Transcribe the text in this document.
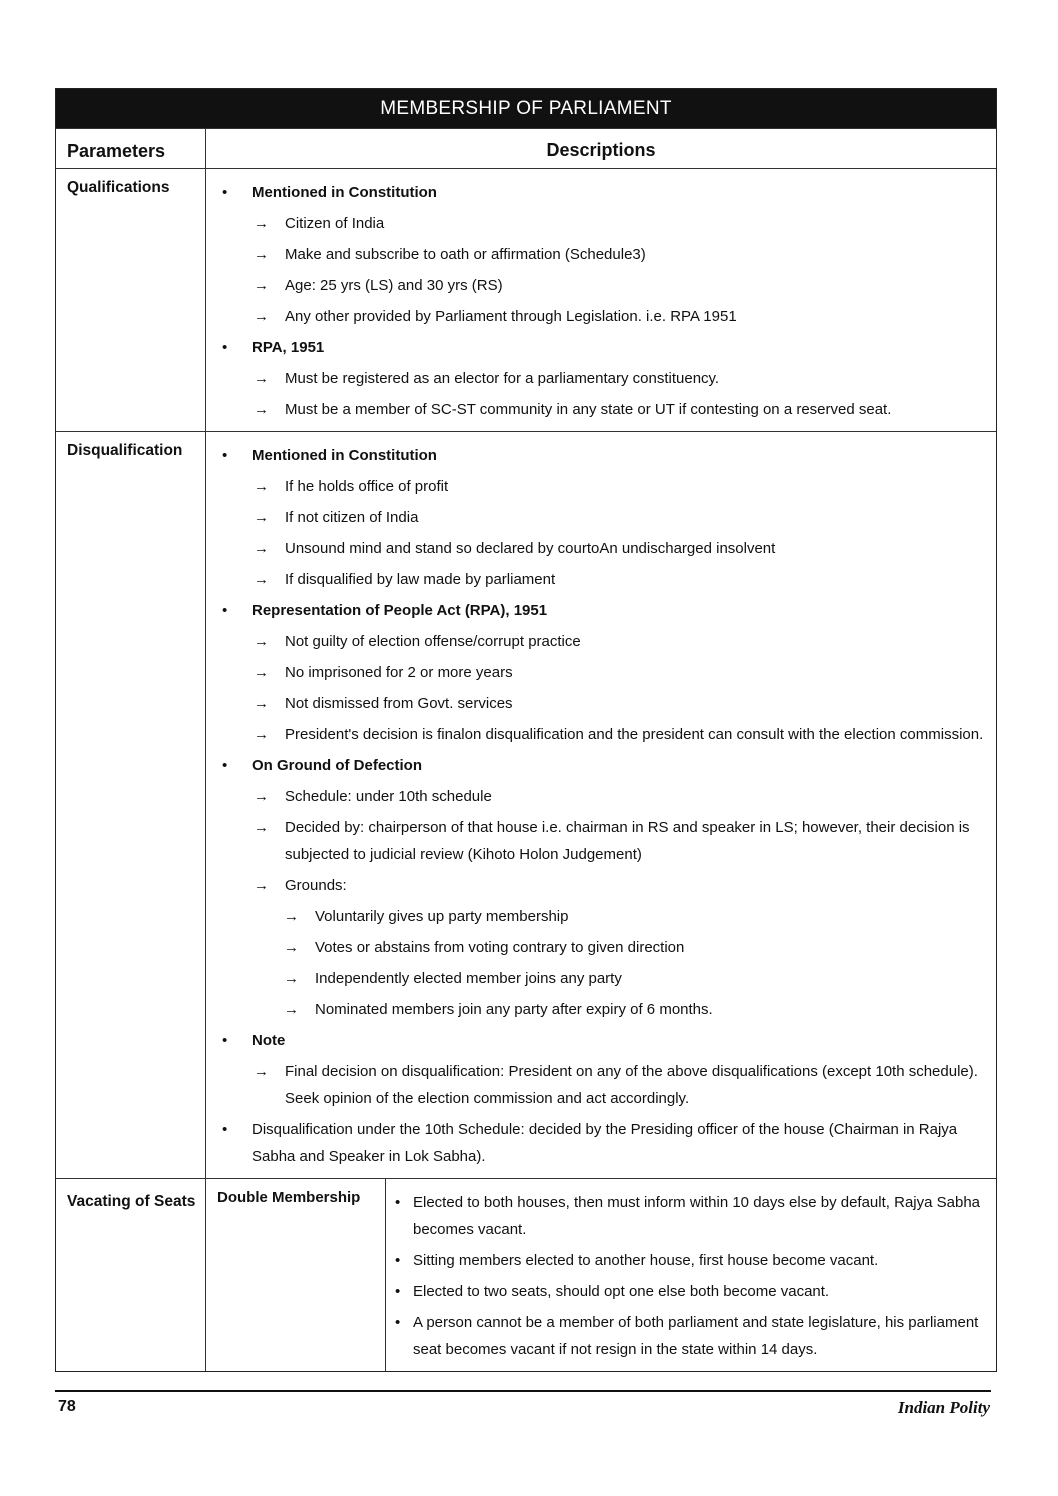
MEMBERSHIP OF PARLIAMENT
Parameters	Descriptions
Qualifications	• Mentioned in Constitution
→ Citizen of India
→ Make and subscribe to oath or affirmation (Schedule3)
→ Age: 25 yrs (LS) and 30 yrs (RS)
→ Any other provided by Parliament through Legislation. i.e. RPA 1951
• RPA, 1951
→ Must be registered as an elector for a parliamentary constituency.
→ Must be a member of SC-ST community in any state or UT if contesting on a reserved seat.
Disqualification	• Mentioned in Constitution
→ If he holds office of profit
→ If not citizen of India
→ Unsound mind and stand so declared by courtoAn undischarged insolvent
→ If disqualified by law made by parliament
• Representation of People Act (RPA), 1951
→ Not guilty of election offense/corrupt practice
→ No imprisoned for 2 or more years
→ Not dismissed from Govt. services
→ President's decision is finalon disqualification and the president can consult with the election commission.
• On Ground of Defection
→ Schedule: under 10th schedule
→ Decided by: chairperson of that house i.e. chairman in RS and speaker in LS; however, their decision is subjected to judicial review (Kihoto Holon Judgement)
→ Grounds:
→ Voluntarily gives up party membership
→ Votes or abstains from voting contrary to given direction
→ Independently elected member joins any party
→ Nominated members join any party after expiry of 6 months.
• Note
→ Final decision on disqualification: President on any of the above disqualifications (except 10th schedule). Seek opinion of the election commission and act accordingly.
• Disqualification under the 10th Schedule: decided by the Presiding officer of the house (Chairman in Rajya Sabha and Speaker in Lok Sabha).
Vacating of Seats	Double Membership	• Elected to both houses, then must inform within 10 days else by default, Rajya Sabha becomes vacant.
• Sitting members elected to another house, first house become vacant.
• Elected to two seats, should opt one else both become vacant.
• A person cannot be a member of both parliament and state legislature, his parliament seat becomes vacant if not resign in the state within 14 days.
78	Indian Polity
